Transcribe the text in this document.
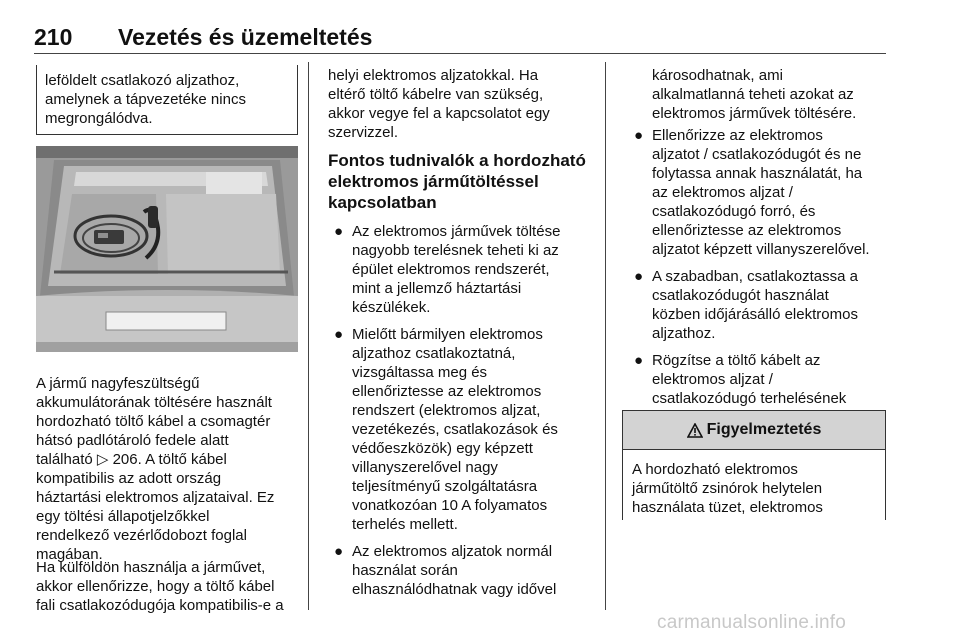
210 Vezetés és üzemeltetés

leföldelt csatlakozó aljzathoz,
amelynek a tápvezetéke nincs
megrongálódva.

A jármű nagyfeszültségű
akkumulátorának töltésére használt
hordozható töltő kábel a csomagtér
hátsó padlótároló fedele alatt
található ▷ 206. A töltő kábel
kompatibilis az adott ország
háztartási elektromos aljzataival. Ez
egy töltési állapotjelzőkkel
rendelkező vezérlődobozt foglal
magában.

Ha külföldön használja a járművet,
akkor ellenőrizze, hogy a töltő kábel
fali csatlakozódugója kompatibilis-e a

helyi elektromos aljzatokkal. Ha
eltérő töltő kábelre van szükség,
akkor vegye fel a kapcsolatot egy
szervizzel.

Fontos tudnivalók a hordozható
elektromos járműtöltéssel
kapcsolatban
● Az elektromos járművek töltése
nagyobb terelésnek teheti ki az
épület elektromos rendszerét,
mint a jellemző háztartási
készülékek.
● Mielőtt bármilyen elektromos
aljzathoz csatlakoztatná,
vizsgáltassa meg és
ellenőriztesse az elektromos
rendszert (elektromos aljzat,
vezetékezés, csatlakozások és
védőeszközök) egy képzett
villanyszerelővel nagy
teljesítményű szolgáltatásra
vonatkozóan 10 A folyamatos
terhelés mellett.
● Az elektromos aljzatok normál
használat során
elhasználódhatnak vagy idővel

károsodhatnak, ami
alkalmatlanná teheti azokat az
elektromos járművek töltésére.

● Ellenőrizze az elektromos
aljzatot / csatlakozódugót és ne
folytassa annak használatát, ha
az elektromos aljzat /
csatlakozódugó forró, és
ellenőriztesse az elektromos
aljzatot képzett villanyszerelővel.
● A szabadban, csatlakoztassa a
csatlakozódugót használat
közben időjárásálló elektromos
aljzathoz.
● Rögzítse a töltő kábelt az
elektromos aljzat /
csatlakozódugó terhelésének

Figyelmeztetés

A hordozható elektromos
járműtöltő zsinórok helytelen
használata tüzet, elektromos

carmanualsonline.info
